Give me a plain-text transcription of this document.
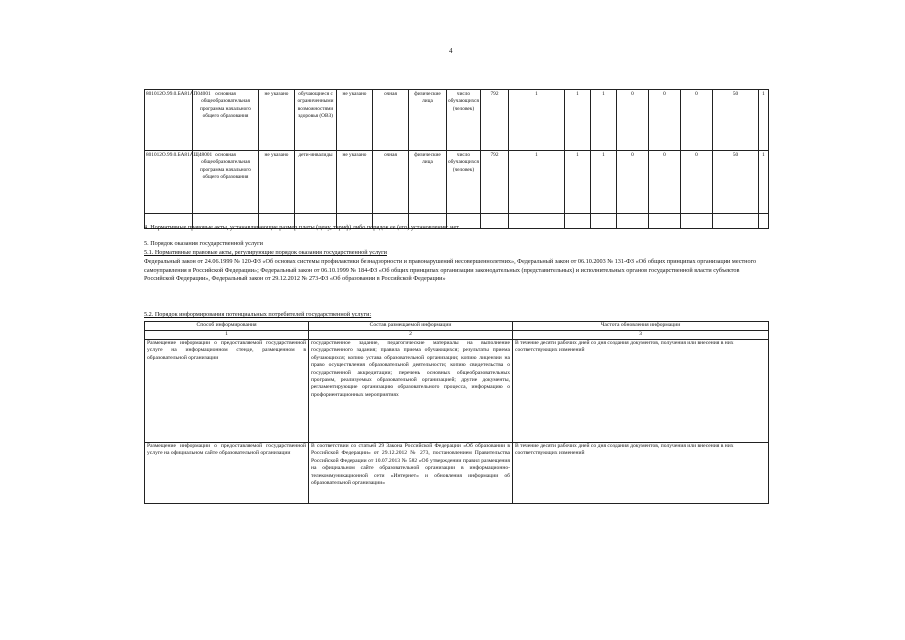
4
801012О.99.0.БА81АП04001	основная общеобразовательная программа начального общего образования	не указано	обучающиеся с ограниченными возможностями здоровья (ОВЗ)	не указано	очная	физические лица	число обучающихся (человек)	792	1	1	1	0	0	0	50	1
801012О.99.0.БА81АЩ48001	основная общеобразовательная программа начального общего образования	не указано	дети-инвалиды	не указано	очная	физические лица	число обучающихся (человек)	792	1	1	1	0	0	0	50	1

4. Нормативные правовые акты, устанавливающие размер платы (цену, тариф) либо порядок ее (его) установления: нет
5. Порядок оказания государственной услуги
5.1. Нормативные правовые акты, регулирующие порядок оказания государственной услуги
Федеральный закон от 24.06.1999 № 120-ФЗ «Об основах системы профилактики безнадзорности и правонарушений несовершеннолетних», Федеральный закон от 06.10.2003 № 131-ФЗ «Об общих принципах организации местного самоуправления в Российской Федерации»; Федеральный закон от 06.10.1999 № 184-ФЗ «Об общих принципах организации законодательных (представительных) и исполнительных органов государственной власти субъектов Российской Федерации», Федеральный закон от 29.12.2012 № 273-ФЗ «Об образовании в Российской Федерации»
5.2. Порядок информирования потенциальных потребителей государственной услуги:
Способ информирования	Состав размещаемой информации	Частота обновления информации
1	2	3
Размещение информации о предоставляемой государственной услуге на информационном стенде, размещенном в образовательной организации	государственное задание, педагогические материалы на выполнение государственного задания; правила приема обучающихся; результаты приема обучающихся; копию устава образовательной организации; копию лицензии на право осуществления образовательной деятельности; копию свидетельства о государственной аккредитации; перечень основных общеобразовательных программ, реализуемых образовательной организацией; другие документы, регламентирующие организацию образовательного процесса, информацию о профориентационных мероприятиях	В течение десяти рабочих дней со дня создания документов, получения или внесения в них соответствующих изменений
Размещение информации о предоставляемой государственной услуге на официальном сайте образовательной организации	В соответствии со статьей 29 Закона Российской Федерации «Об образовании в Российской Федерации» от 29.12.2012 № 273, постановлением Правительства Российской Федерации от 10.07.2013 № 582 «Об утверждении правил размещения на официальном сайте образовательной организации в информационно-телекоммуникационной сети «Интернет» и обновления информации об образовательной организации»	В течение десяти рабочих дней со дня создания документов, получения или внесения в них соответствующих изменений
